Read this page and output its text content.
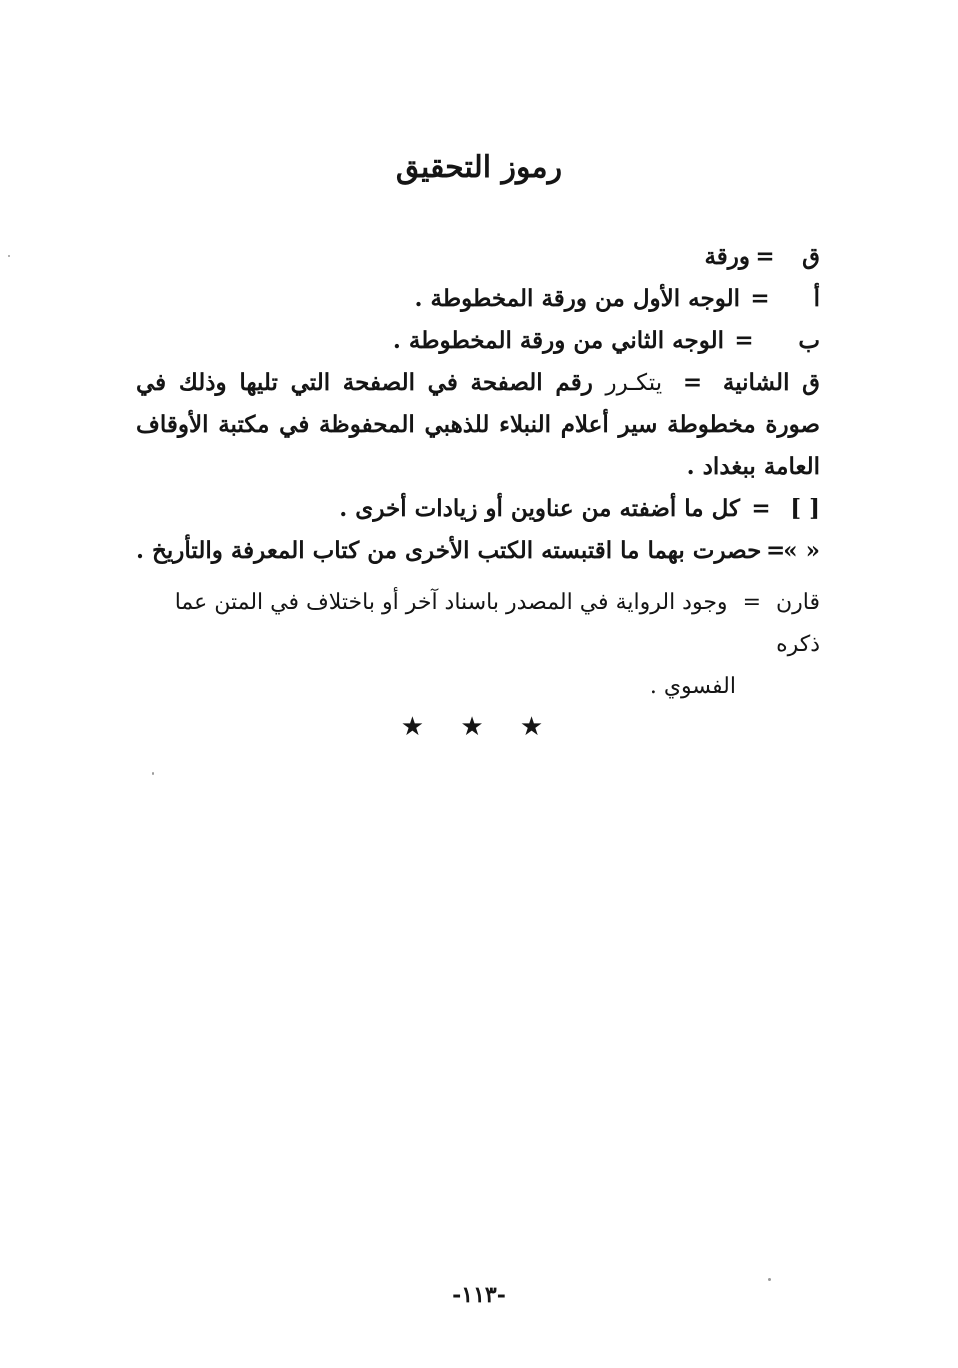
رموز التحقيق
ق
=
ورقة
أ
=
الوجه الأول من ورقة المخطوطة .
ب
=
الوجه الثاني من ورقة المخطوطة .
ق الشانية = يتكـرر رقم الصفحة في الصفحة التي تليها وذلك في صورة مخطوطة سير أعلام النبلاء للذهبي المحفوظة في مكتبة الأوقاف العامة ببغداد .
[ ]
=
كل ما أضفته من عناوين أو زيادات أخرى .
« »
=
حصرت بهما ما اقتبسته الكتب الأخرى من كتاب المعرفة والتأريخ .
قارن = وجود الرواية في المصدر باسناد آخر أو باختلاف في المتن عما ذكره
الفسوي .
★ ★ ★
-١١٣-
